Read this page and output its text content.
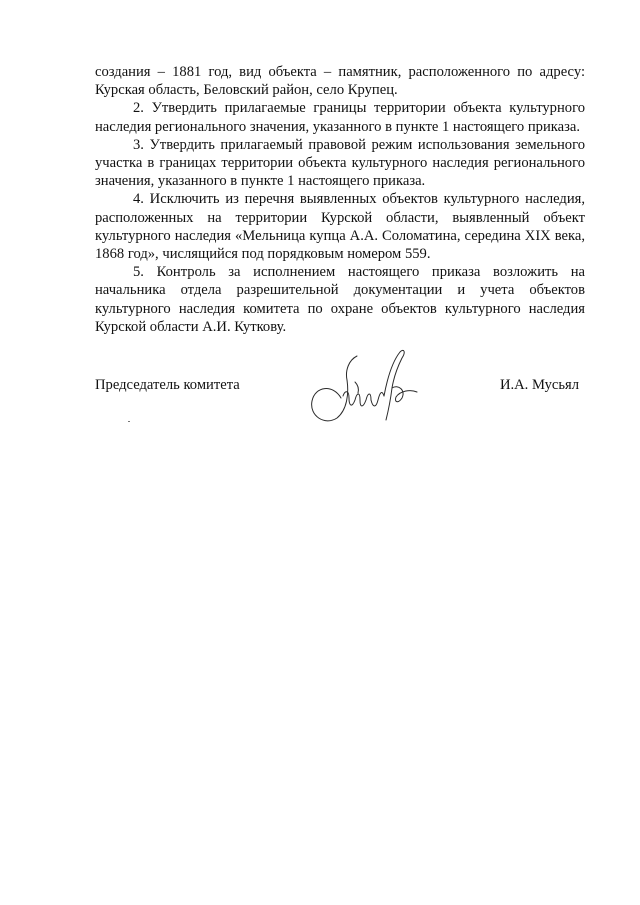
создания – 1881 год, вид объекта – памятник, расположенного по адресу: Курская область, Беловский район, село Крупец.

2. Утвердить прилагаемые границы территории объекта культурного наследия регионального значения, указанного в пункте 1 настоящего приказа.

3. Утвердить прилагаемый правовой режим использования земельного участка в границах территории объекта культурного наследия регионального значения, указанного в пункте 1 настоящего приказа.

4. Исключить из перечня выявленных объектов культурного наследия, расположенных на территории Курской области, выявленный объект культурного наследия «Мельница купца А.А. Соломатина, середина XIX века, 1868 год», числящийся под порядковым номером 559.

5. Контроль за исполнением настоящего приказа возложить на начальника отдела разрешительной документации и учета объектов культурного наследия комитета по охране объектов культурного наследия Курской области А.И. Куткову.

Председатель комитета	И.А. Мусьял
